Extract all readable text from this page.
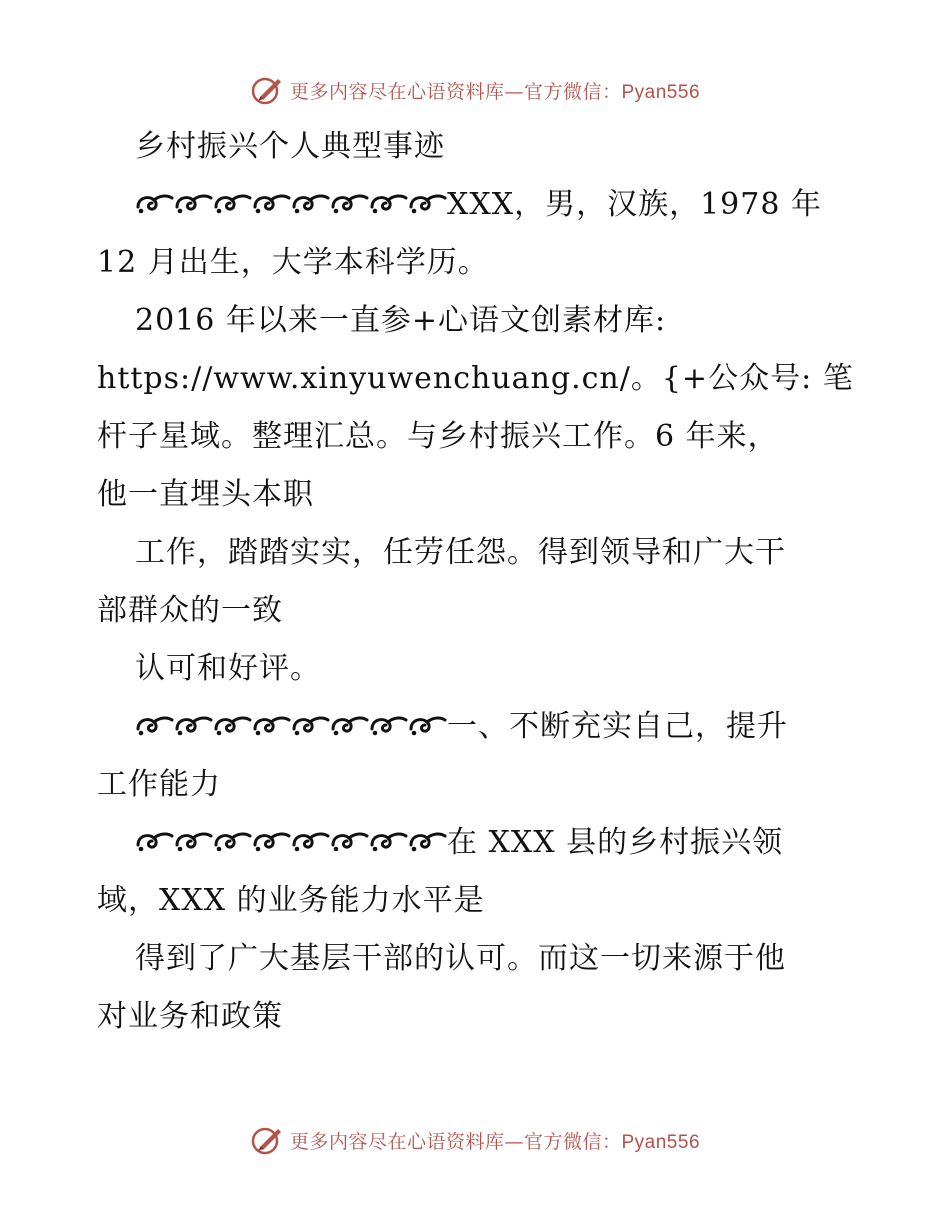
更多内容尽在心语资料库—官方微信：Pyan556
乡村振兴个人典型事迹
XXX，男，汉族，1978 年
12 月出生，大学本科学历。
2016 年以来一直参+心语文创素材库:
https://www.xinyuwenchuang.cn/。{+公众号: 笔
杆子星域。整理汇总。与乡村振兴工作。6 年来，
他一直埋头本职
工作，踏踏实实，任劳任怨。得到领导和广大干
部群众的一致
认可和好评。
一、不断充实自己，提升
工作能力
在 XXX 县的乡村振兴领
域，XXX 的业务能力水平是
得到了广大基层干部的认可。而这一切来源于他
对业务和政策
更多内容尽在心语资料库—官方微信：Pyan556
